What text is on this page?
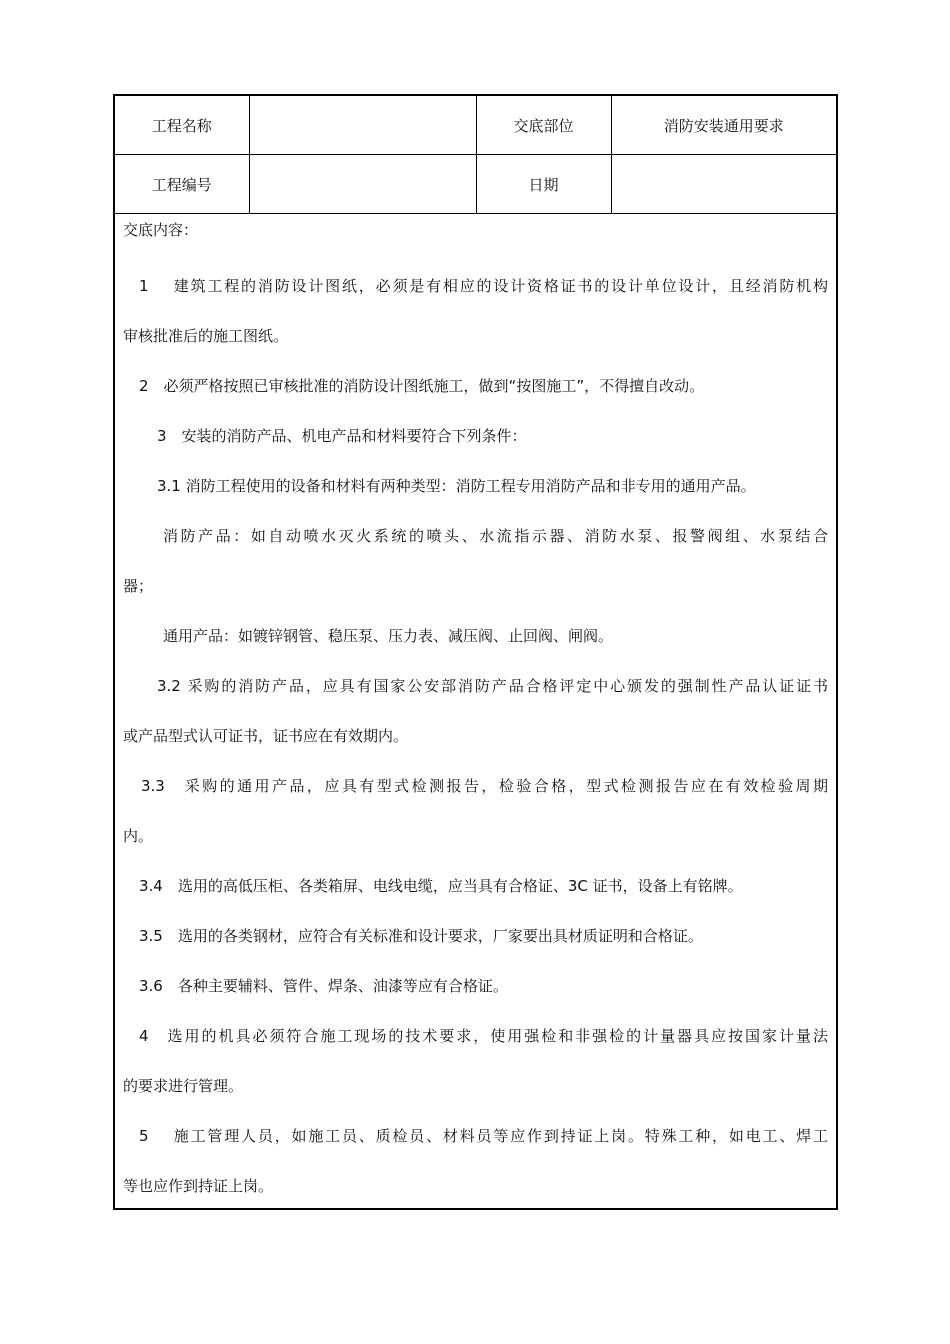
工程名称		交底部位	消防安装通用要求
工程编号		日期	
交底内容：
1　 建筑工程的消防设计图纸，必须是有相应的设计资格证书的设计单位设计，且经消防机构
审核批准后的施工图纸。
2　必须严格按照已审核批准的消防设计图纸施工，做到“按图施工”，不得擅自改动。
3　安装的消防产品、机电产品和材料要符合下列条件：
3.1 消防工程使用的设备和材料有两种类型：消防工程专用消防产品和非专用的通用产品。
消防产品：如自动喷水灭火系统的喷头、水流指示器、消防水泵、报警阀组、水泵结合
器；
通用产品：如镀锌钢管、稳压泵、压力表、减压阀、止回阀、闸阀。
3.2 采购的消防产品，应具有国家公安部消防产品合格评定中心颁发的强制性产品认证证书
或产品型式认可证书，证书应在有效期内。
3.3　采购的通用产品，应具有型式检测报告，检验合格，型式检测报告应在有效检验周期
内。
3.4　选用的高低压柜、各类箱屏、电线电缆，应当具有合格证、3C 证书，设备上有铭牌。
3.5　选用的各类钢材，应符合有关标准和设计要求，厂家要出具材质证明和合格证。
3.6　各种主要辅料、管件、焊条、油漆等应有合格证。
4　选用的机具必须符合施工现场的技术要求，使用强检和非强检的计量器具应按国家计量法
的要求进行管理。
5　 施工管理人员，如施工员、质检员、材料员等应作到持证上岗。特殊工种，如电工、焊工
等也应作到持证上岗。
